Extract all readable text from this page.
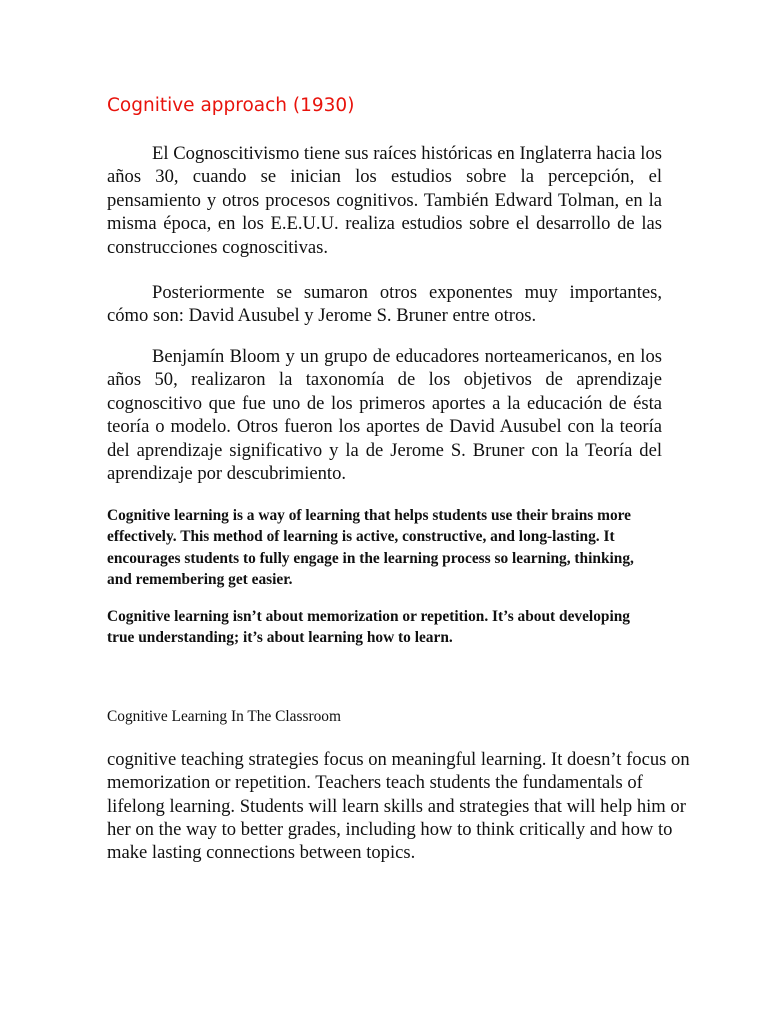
Cognitive approach (1930)

El Cognoscitivismo tiene sus raíces históricas en Inglaterra hacia los años 30, cuando se inician los estudios sobre la percepción, el pensamiento y otros procesos cognitivos. También Edward Tolman, en la misma época, en los E.E.U.U. realiza estudios sobre el desarrollo de las construcciones cognoscitivas.

Posteriormente se sumaron otros exponentes muy importantes, cómo son: David Ausubel y Jerome S. Bruner entre otros.

Benjamín Bloom y un grupo de educadores norteamericanos, en los años 50, realizaron la taxonomía de los objetivos de aprendizaje cognoscitivo que fue uno de los primeros aportes a la educación de ésta teoría o modelo. Otros fueron los aportes de David Ausubel con la teoría del aprendizaje significativo y la de Jerome S. Bruner con la Teoría del aprendizaje por descubrimiento.

Cognitive learning is a way of learning that helps students use their brains more effectively. This method of learning is active, constructive, and long-lasting. It encourages students to fully engage in the learning process so learning, thinking, and remembering get easier.

Cognitive learning isn’t about memorization or repetition. It’s about developing true understanding; it’s about learning how to learn.

Cognitive Learning In The Classroom

cognitive teaching strategies focus on meaningful learning. It doesn’t focus on memorization or repetition. Teachers teach students the fundamentals of lifelong learning. Students will learn skills and strategies that will help him or her on the way to better grades, including how to think critically and how to make lasting connections between topics.
